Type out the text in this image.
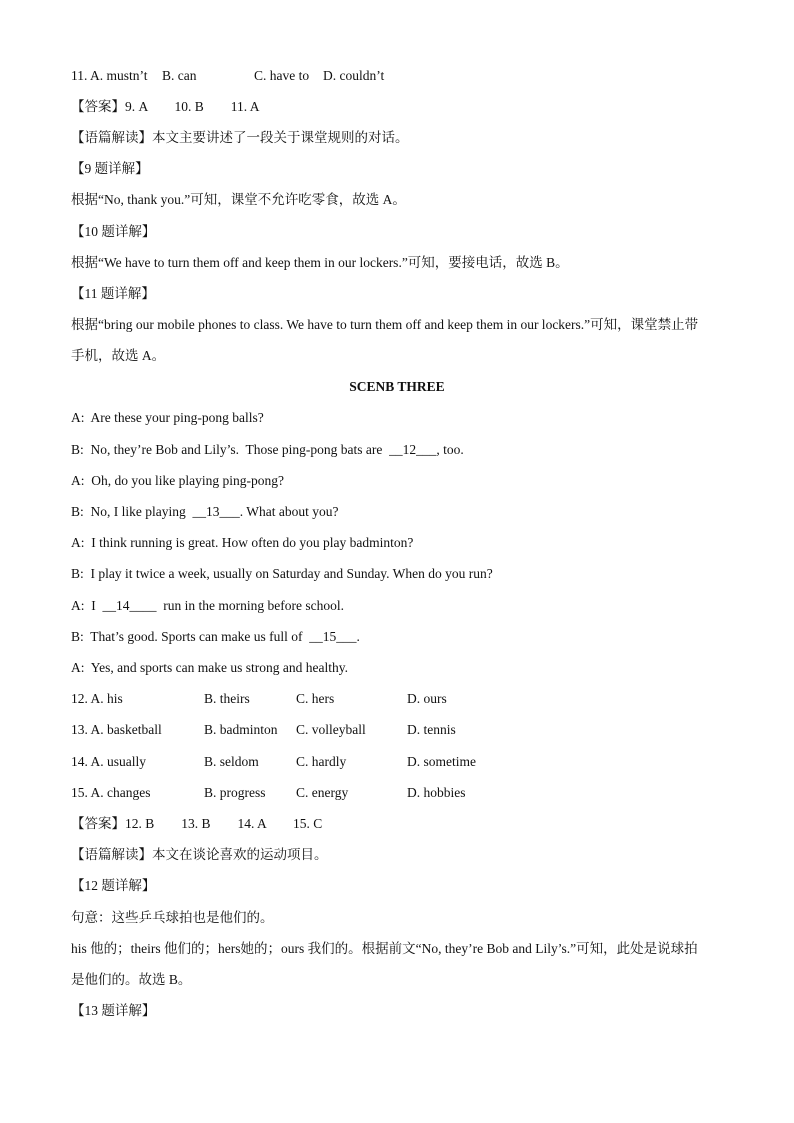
11. A. mustn’t B. can	C. have to D. couldn’t
【答案】9. A        10. B        11. A
【语篇解读】本文主要讲述了一段关于课堂规则的对话。
【9 题详解】
根据“No, thank you.”可知，课堂不允许吃零食，故选 A。
【10 题详解】
根据“We have to turn them off and keep them in our lockers.”可知，要接电话，故选 B。
【11 题详解】
根据“bring our mobile phones to class. We have to turn them off and keep them in our lockers.”可知，课堂禁止带
手机，故选 A。
SCENB THREE
A:  Are these your ping-pong balls?
B:  No, they’re Bob and Lily’s.  Those ping-pong bats are  __12___, too.
A:  Oh, do you like playing ping-pong?
B:  No, I like playing  __13___. What about you?
A:  I think running is great. How often do you play badminton?
B:  I play it twice a week, usually on Saturday and Sunday. When do you run?
A:  I  __14____  run in the morning before school.
B:  That’s good. Sports can make us full of  __15___.
A:  Yes, and sports can make us strong and healthy.
12. A. his	B. theirs	C. hers	D. ours
13. A. basketball	B. badminton C. volleyball	D. tennis
14. A. usually	B. seldom	C. hardly	D. sometime
15. A. changes	B. progress C. energy	D. hobbies
【答案】12. B        13. B        14. A        15. C
【语篇解读】本文在谈论喜欢的运动项目。
【12 题详解】
句意：这些乒乓球拍也是他们的。
his 他的；theirs 他们的；hers她的；ours 我们的。根据前文“No, they’re Bob and Lily’s.”可知，此处是说球拍
是他们的。故选 B。
【13 题详解】
